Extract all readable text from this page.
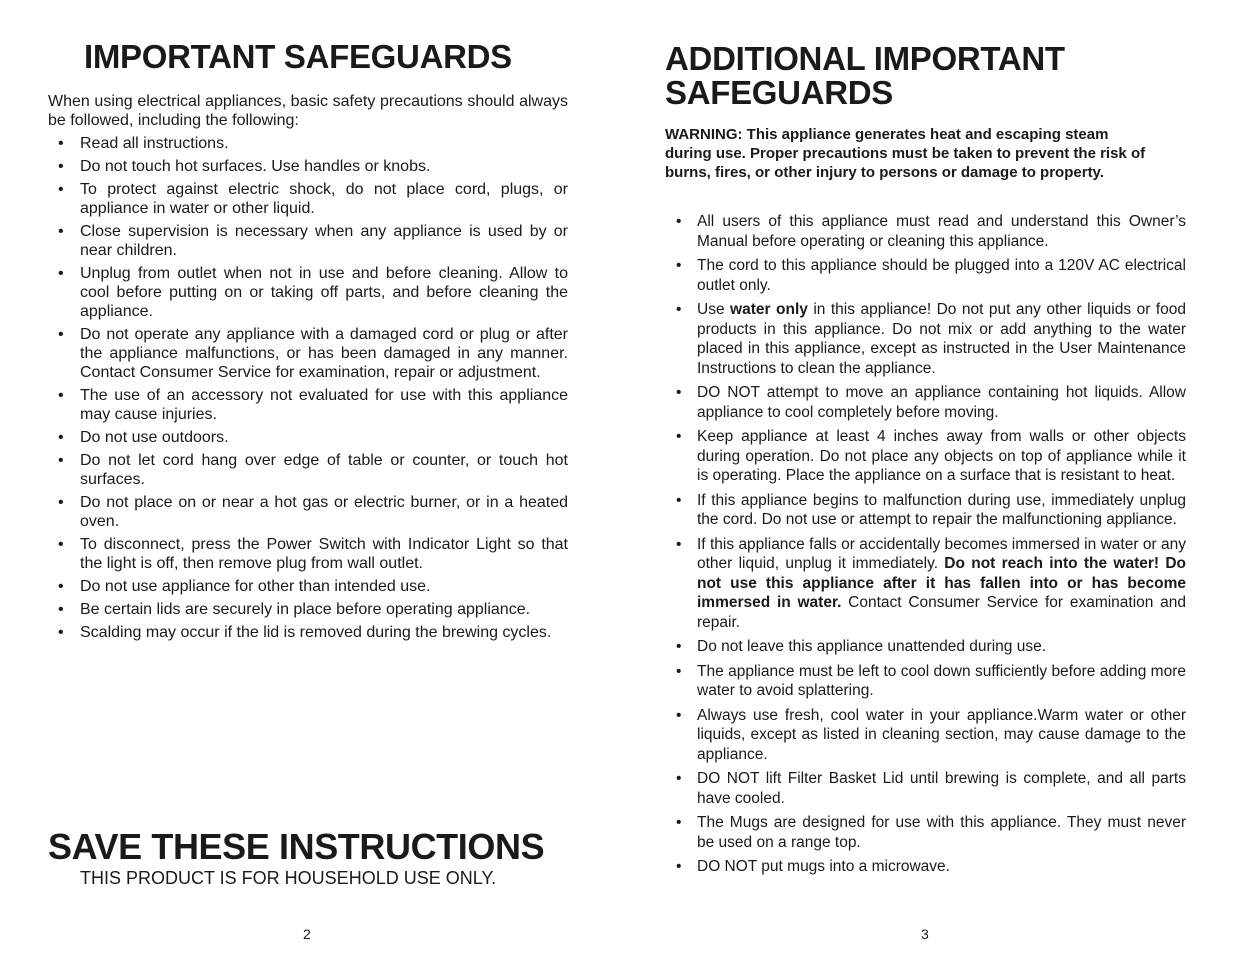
IMPORTANT SAFEGUARDS

When using electrical appliances, basic safety precautions should always be followed, including the following:

• Read all instructions.
• Do not touch hot surfaces. Use handles or knobs.
• To protect against electric shock, do not place cord, plugs, or appliance in water or other liquid.
• Close supervision is necessary when any appliance is used by or near children.
• Unplug from outlet when not in use and before cleaning. Allow to cool before putting on or taking off parts, and before cleaning the appliance.
• Do not operate any appliance with a damaged cord or plug or after the appliance malfunctions, or has been damaged in any manner. Contact Consumer Service for examination, repair or adjustment.
• The use of an accessory not evaluated for use with this appliance may cause injuries.
• Do not use outdoors.
• Do not let cord hang over edge of table or counter, or touch hot surfaces.
• Do not place on or near a hot gas or electric burner, or in a heated oven.
• To disconnect, press the Power Switch with Indicator Light so that the light is off, then remove plug from wall outlet.
• Do not use appliance for other than intended use.
• Be certain lids are securely in place before operating appliance.
• Scalding may occur if the lid is removed during the brewing cycles.
SAVE THESE INSTRUCTIONS

THIS PRODUCT IS FOR HOUSEHOLD USE ONLY.

2
ADDITIONAL IMPORTANT
SAFEGUARDS

WARNING: This appliance generates heat and escaping steam during use. Proper precautions must be taken to prevent the risk of burns, fires, or other injury to persons or damage to property.

• All users of this appliance must read and understand this Owner’s Manual before operating or cleaning this appliance.
• The cord to this appliance should be plugged into a 120V AC electrical outlet only.
• Use water only in this appliance! Do not put any other liquids or food products in this appliance. Do not mix or add anything to the water placed in this appliance, except as instructed in the User Maintenance Instructions to clean the appliance.
• DO NOT attempt to move an appliance containing hot liquids. Allow appliance to cool completely before moving.
• Keep appliance at least 4 inches away from walls or other objects during operation. Do not place any objects on top of appliance while it is operating. Place the appliance on a surface that is resistant to heat.
• If this appliance begins to malfunction during use, immediately unplug the cord. Do not use or attempt to repair the malfunctioning appliance.
• If this appliance falls or accidentally becomes immersed in water or any other liquid, unplug it immediately. Do not reach into the water! Do not use this appliance after it has fallen into or has become immersed in water. Contact Consumer Service for examination and repair.
• Do not leave this appliance unattended during use.
• The appliance must be left to cool down sufficiently before adding more water to avoid splattering.
• Always use fresh, cool water in your appliance.Warm water or other liquids, except as listed in cleaning section, may cause damage to the appliance.
• DO NOT lift Filter Basket Lid until brewing is complete, and all parts have cooled.
• The Mugs are designed for use with this appliance. They must never be used on a range top.
• DO NOT put mugs into a microwave.
3
